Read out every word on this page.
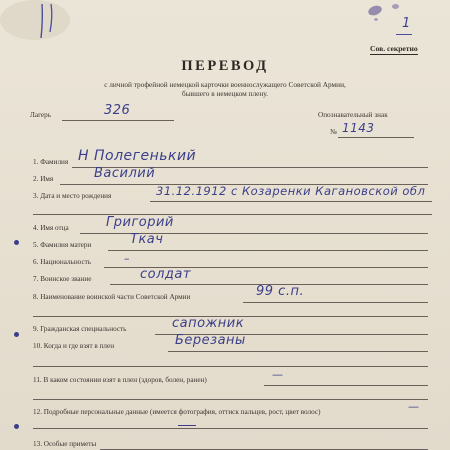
1
Сов. секретно
ПЕРЕВОД
с личной трофейной немецкой карточки военнослужащего Советской Армии,
бывшего в немецком плену.
Лагерь	326	Опознавательный знак
№ 1143
1. Фамилия Н Полегенький
2. Имя	Василий
3. Дата и место рождения	31.12.1912 с Козаренки Кагановской обл
4. Имя отца	Григорий
5. Фамилия матери	Ткач
6. Национальность	–
7. Воинское звание	солдат
8. Наименование воинской части Советской Армии	99 с.п.
9. Гражданская специальность	сапожник
10. Когда и где взят в плен	Березаны
11. В каком состоянии взят в плен (здоров, болен, ранен)	—
12. Подробные персональные данные (имеется фотография, оттиск пальцев, рост, цвет волос)	—
13. Особые приметы
